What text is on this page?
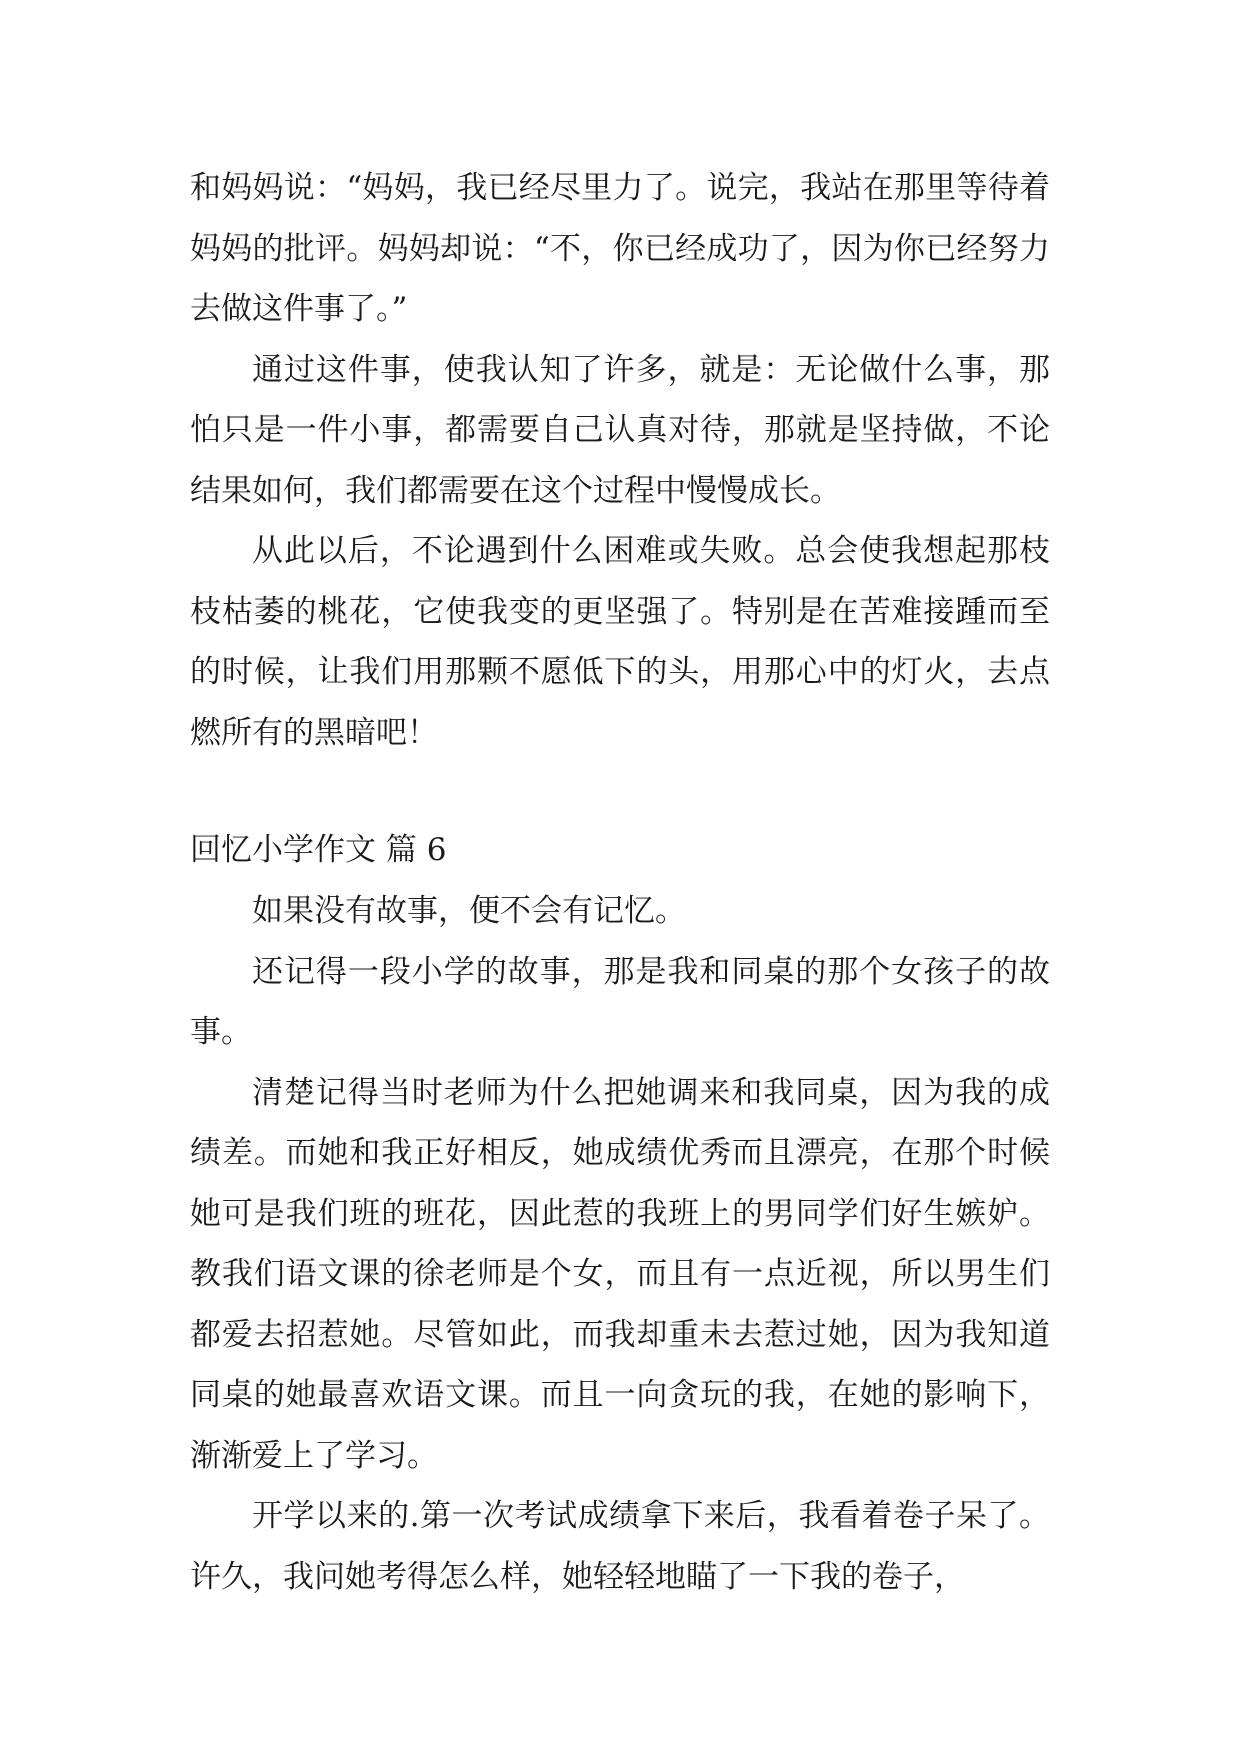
和妈妈说：“妈妈，我已经尽里力了。说完，我站在那里等待着妈妈的批评。妈妈却说：“不，你已经成功了，因为你已经努力去做这件事了。”

通过这件事，使我认知了许多，就是：无论做什么事，那怕只是一件小事，都需要自己认真对待，那就是坚持做，不论结果如何，我们都需要在这个过程中慢慢成长。

从此以后，不论遇到什么困难或失败。总会使我想起那枝枝枯萎的桃花，它使我变的更坚强了。特别是在苦难接踵而至的时候，让我们用那颗不愿低下的头，用那心中的灯火，去点燃所有的黑暗吧！

回忆小学作文 篇 6

如果没有故事，便不会有记忆。

还记得一段小学的故事，那是我和同桌的那个女孩子的故事。

清楚记得当时老师为什么把她调来和我同桌，因为我的成绩差。而她和我正好相反，她成绩优秀而且漂亮，在那个时候她可是我们班的班花，因此惹的我班上的男同学们好生嫉妒。教我们语文课的徐老师是个女，而且有一点近视，所以男生们都爱去招惹她。尽管如此，而我却重未去惹过她，因为我知道同桌的她最喜欢语文课。而且一向贪玩的我，在她的影响下，渐渐爱上了学习。

开学以来的.第一次考试成绩拿下来后，我看着卷子呆了。许久，我问她考得怎么样，她轻轻地瞄了一下我的卷子，
